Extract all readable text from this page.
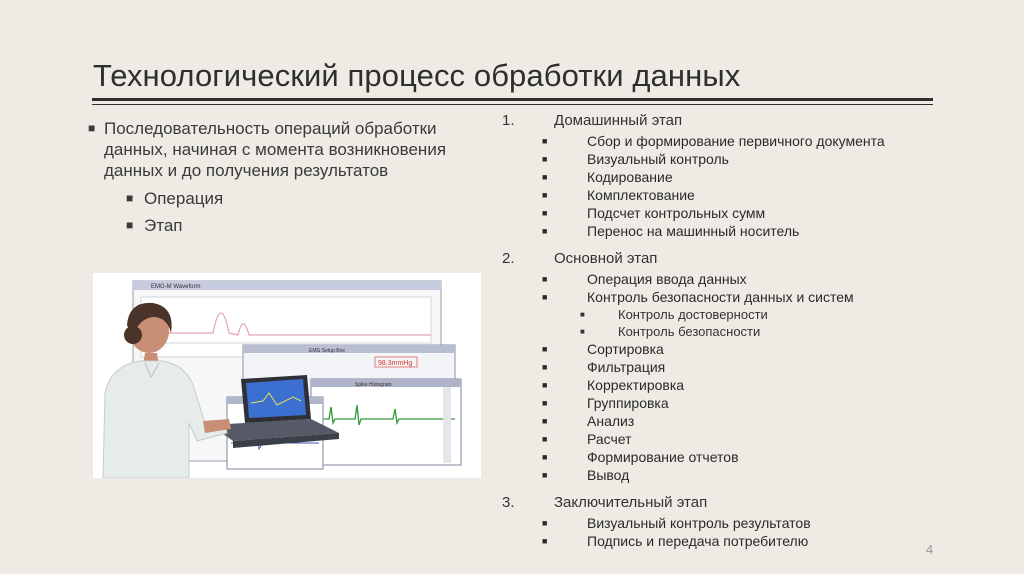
Технологический процесс обработки данных
■ Последовательность операций обработки данных, начиная с момента возникновения данных и до получения результатов
■ Операция
■ Этап
EMG-M Waveform
EMG Setup Box
98.3mmHg
Spike Histogram
1.	Домашинный этап
■	Сбор и формирование первичного документа
■	Визуальный контроль
■	Кодирование
■	Комплектование
■	Подсчет контрольных сумм
■	Перенос на машинный носитель
2.	Основной этап
■	Операция ввода данных
■	Контроль безопасности данных и систем
■	Контроль достоверности
■	Контроль безопасности
■	Сортировка
■	Фильтрация
■	Корректировка
■	Группировка
■	Анализ
■	Расчет
■	Формирование отчетов
■	Вывод
3.	Заключительный этап
■	Визуальный контроль результатов
■	Подпись и передача потребителю
4
